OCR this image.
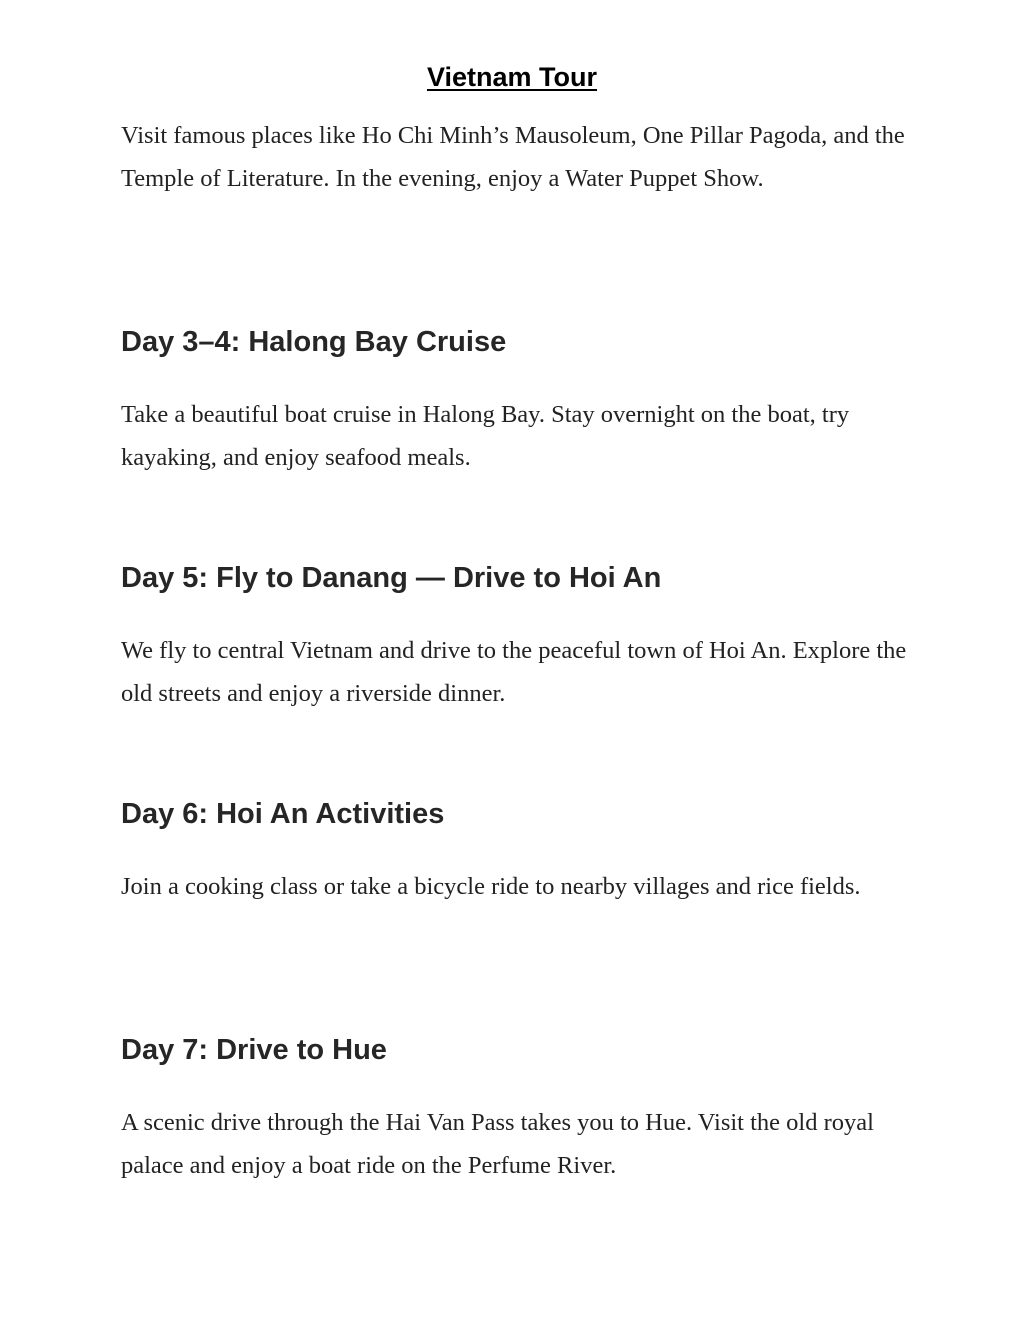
Vietnam Tour

Visit famous places like Ho Chi Minh’s Mausoleum, One Pillar Pagoda, and the Temple of Literature. In the evening, enjoy a Water Puppet Show.

Day 3–4: Halong Bay Cruise

Take a beautiful boat cruise in Halong Bay. Stay overnight on the boat, try kayaking, and enjoy seafood meals.

Day 5: Fly to Danang — Drive to Hoi An

We fly to central Vietnam and drive to the peaceful town of Hoi An. Explore the old streets and enjoy a riverside dinner.

Day 6: Hoi An Activities

Join a cooking class or take a bicycle ride to nearby villages and rice fields.

Day 7: Drive to Hue

A scenic drive through the Hai Van Pass takes you to Hue. Visit the old royal palace and enjoy a boat ride on the Perfume River.
